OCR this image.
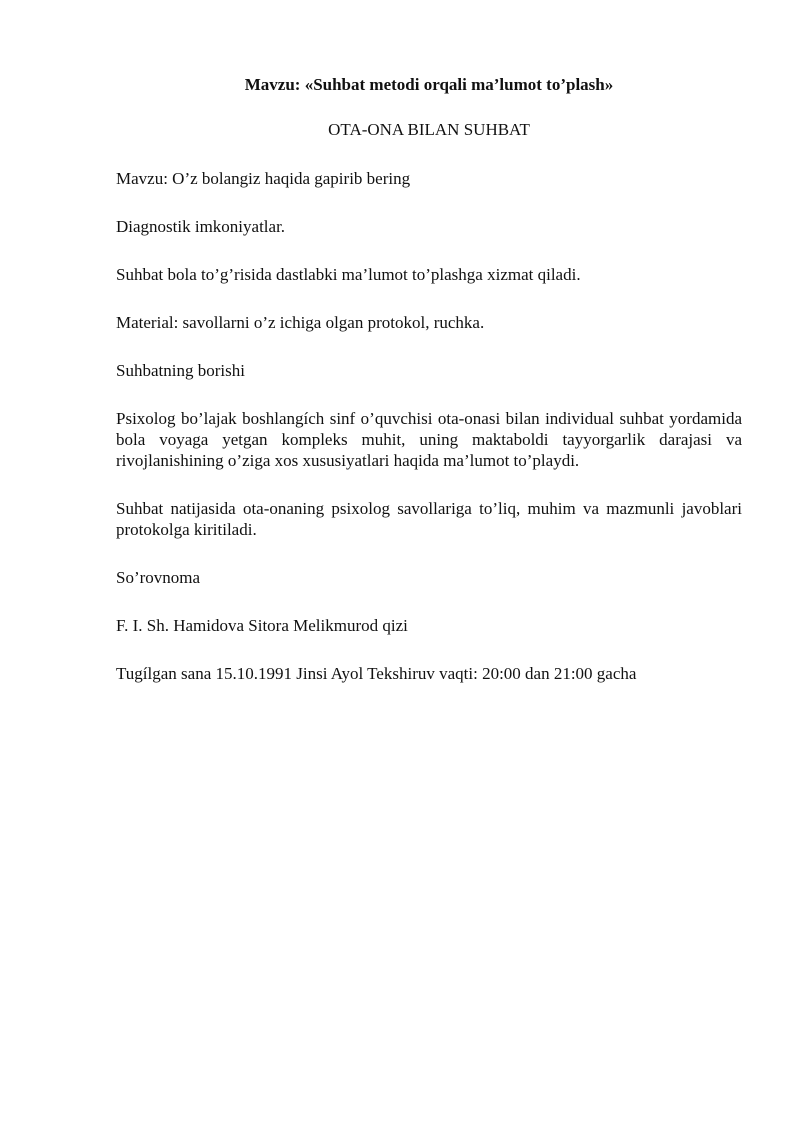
Mavzu: «Suhbat metodi orqali ma’lumot to’plash»
OTA-ONA BILAN SUHBAT
Mavzu: O’z bolangiz haqida gapirib bering
Diagnostik imkoniyatlar.
Suhbat bola to’g’risida dastlabki ma’lumot to’plashga xizmat qiladi.
Material: savollarni o’z ichiga olgan protokol, ruchka.
Suhbatning borishi
Psixolog bo’lajak boshlangích sinf o’quvchisi ota-onasi bilan individual suhbat yordamida bola voyaga yetgan kompleks muhit, uning maktaboldi tayyorgarlik darajasi va rivojlanishining o’ziga xos xususiyatlari haqida ma’lumot to’playdi.
Suhbat natijasida ota-onaning psixolog savollariga to’liq, muhim va mazmunli javoblari protokolga kiritiladi.
So’rovnoma
F. I. Sh. Hamidova Sitora Melikmurod qizi
Tugílgan sana 15.10.1991 Jinsi Ayol Tekshiruv vaqti: 20:00 dan 21:00 gacha
